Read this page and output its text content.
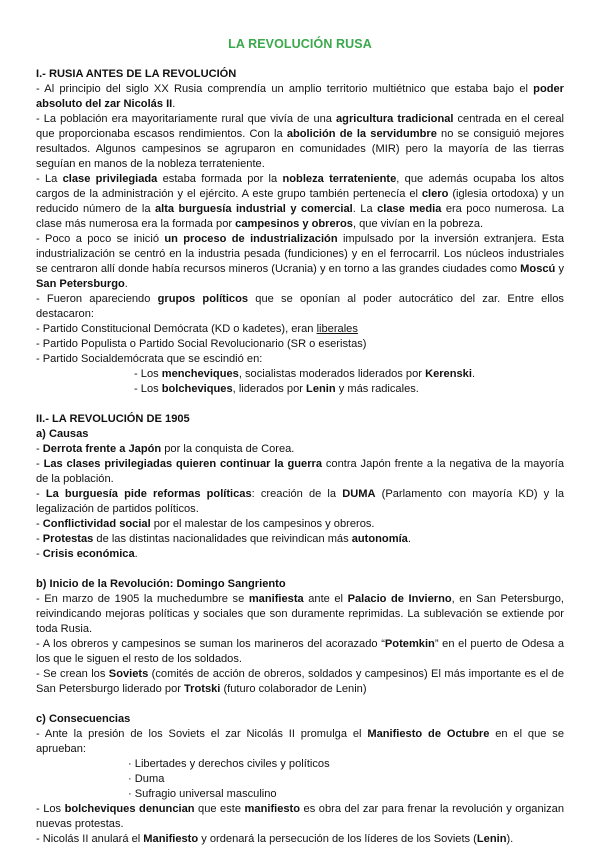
LA REVOLUCIÓN RUSA

I.- RUSIA ANTES DE LA REVOLUCIÓN

- Al principio del siglo XX Rusia comprendía un amplio territorio multiétnico que estaba bajo el poder absoluto del zar Nicolás II.

- La población era mayoritariamente rural que vivía de una agricultura tradicional centrada en el cereal que proporcionaba escasos rendimientos. Con la abolición de la servidumbre no se consiguió mejores resultados. Algunos campesinos se agruparon en comunidades (MIR) pero la mayoría de las tierras seguían en manos de la nobleza terrateniente.

- La clase privilegiada estaba formada por la nobleza terrateniente, que además ocupaba los altos cargos de la administración y el ejército. A este grupo también pertenecía el clero (iglesia ortodoxa) y un reducido número de la alta burguesía industrial y comercial. La clase media era poco numerosa. La clase más numerosa era la formada por campesinos y obreros, que vivían en la pobreza.

- Poco a poco se inició un proceso de industrialización impulsado por la inversión extranjera. Esta industrialización se centró en la industria pesada (fundiciones) y en el ferrocarril. Los núcleos industriales se centraron allí donde había recursos mineros (Ucrania) y en torno a las grandes ciudades como Moscú y San Petersburgo.

- Fueron apareciendo grupos políticos que se oponían al poder autocrático del zar. Entre ellos destacaron:

- Partido Constitucional Demócrata (KD o kadetes), eran liberales

- Partido Populista o Partido Social Revolucionario (SR o eseristas)

- Partido Socialdemócrata que se escindió en:

- Los mencheviques, socialistas moderados liderados por Kerenski.

- Los bolcheviques, liderados por Lenin y más radicales.

II.- LA REVOLUCIÓN DE 1905

a) Causas

- Derrota frente a Japón por la conquista de Corea.

- Las clases privilegiadas quieren continuar la guerra contra Japón frente a la negativa de la mayoría de la población.

- La burguesía pide reformas políticas: creación de la DUMA (Parlamento con mayoría KD) y la legalización de partidos políticos.

- Conflictividad social por el malestar de los campesinos y obreros.

- Protestas de las distintas nacionalidades que reivindican más autonomía.

- Crisis económica.

b) Inicio de la Revolución: Domingo Sangriento

- En marzo de 1905 la muchedumbre se manifiesta ante el Palacio de Invierno, en San Petersburgo, reivindicando mejoras políticas y sociales que son duramente reprimidas. La sublevación se extiende por toda Rusia.

- A los obreros y campesinos se suman los marineros del acorazado “Potemkin” en el puerto de Odesa a los que le siguen el resto de los soldados.

- Se crean los Soviets (comités de acción de obreros, soldados y campesinos) El más importante es el de San Petersburgo liderado por Trotski (futuro colaborador de Lenin)

c) Consecuencias

- Ante la presión de los Soviets el zar Nicolás II promulga el Manifiesto de Octubre en el que se aprueban:

· Libertades y derechos civiles y políticos

· Duma

· Sufragio universal masculino

- Los bolcheviques denuncian que este manifiesto es obra del zar para frenar la revolución y organizan nuevas protestas.

- Nicolás II anulará el Manifiesto y ordenará la persecución de los líderes de los Soviets (Lenin).
